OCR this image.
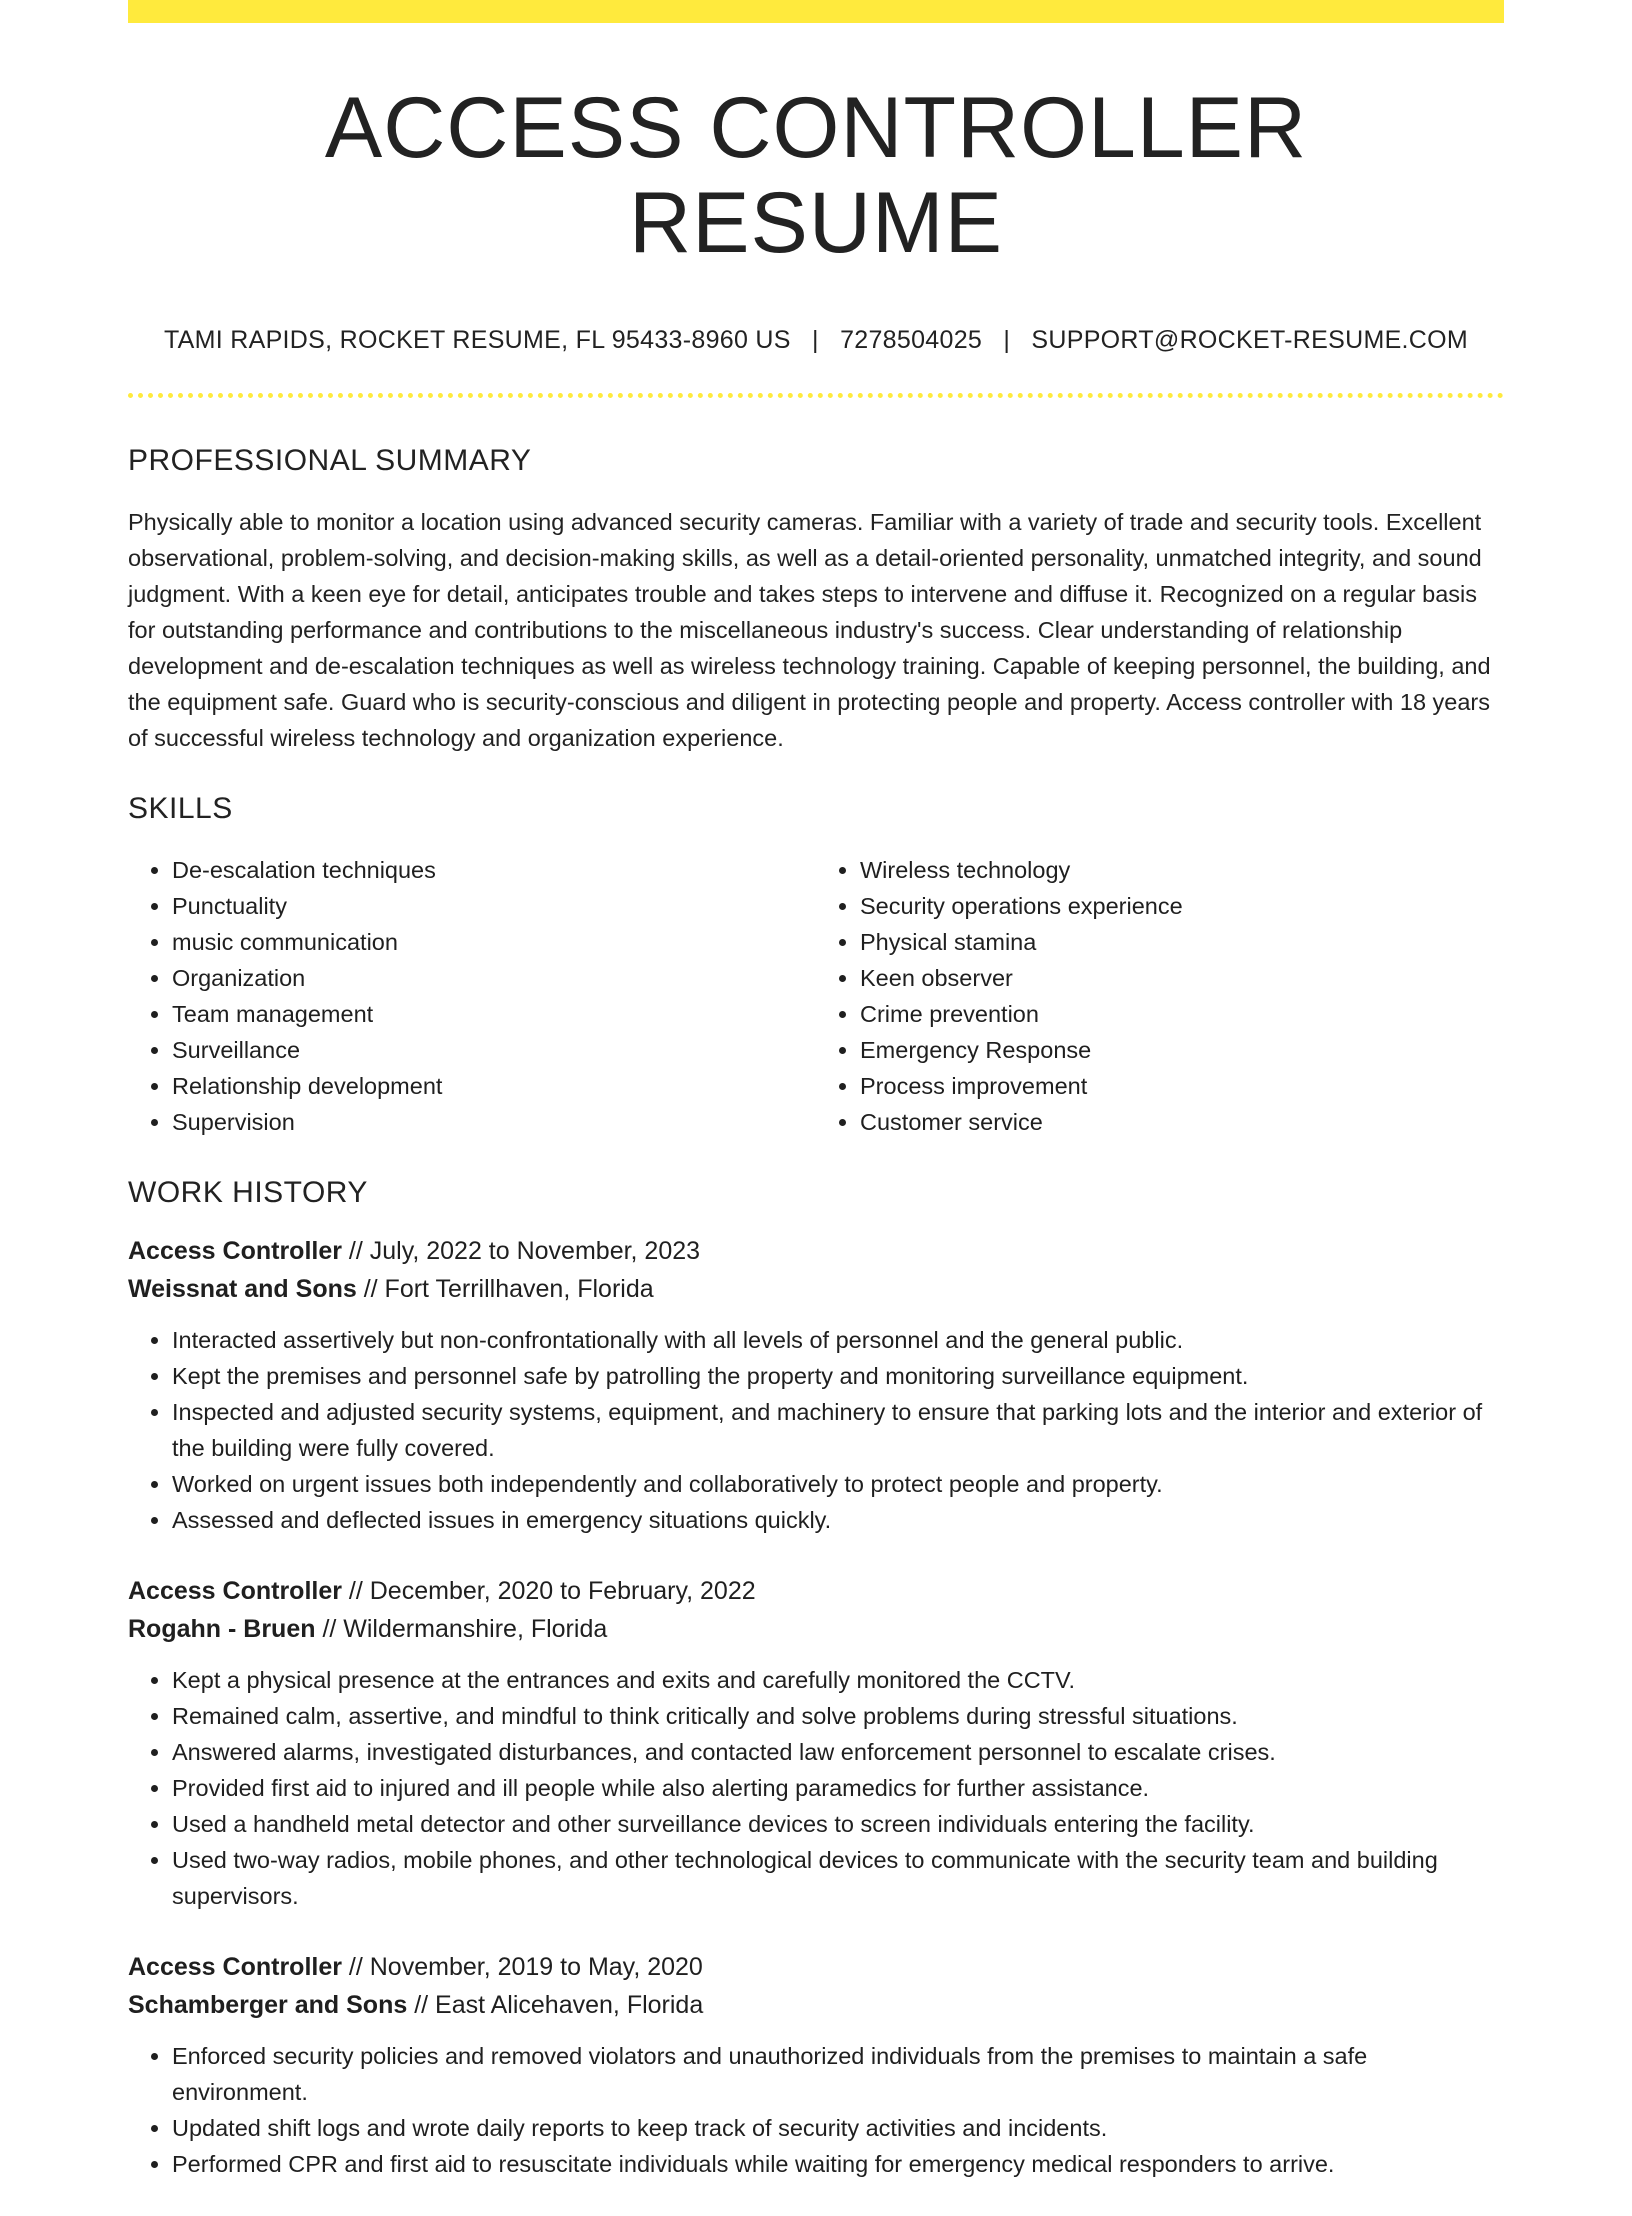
ACCESS CONTROLLER RESUME
TAMI RAPIDS, ROCKET RESUME, FL 95433-8960 US | 7278504025 | SUPPORT@ROCKET-RESUME.COM
PROFESSIONAL SUMMARY

Physically able to monitor a location using advanced security cameras. Familiar with a variety of trade and security tools. Excellent observational, problem-solving, and decision-making skills, as well as a detail-oriented personality, unmatched integrity, and sound judgment. With a keen eye for detail, anticipates trouble and takes steps to intervene and diffuse it. Recognized on a regular basis for outstanding performance and contributions to the miscellaneous industry's success. Clear understanding of relationship development and de-escalation techniques as well as wireless technology training. Capable of keeping personnel, the building, and the equipment safe. Guard who is security-conscious and diligent in protecting people and property. Access controller with 18 years of successful wireless technology and organization experience.

SKILLS
• De-escalation techniques
• Punctuality
• music communication
• Organization
• Team management
• Surveillance
• Relationship development
• Supervision
• Wireless technology
• Security operations experience
• Physical stamina
• Keen observer
• Crime prevention
• Emergency Response
• Process improvement
• Customer service
WORK HISTORY
Access Controller // July, 2022 to November, 2023
Weissnat and Sons // Fort Terrillhaven, Florida
• Interacted assertively but non-confrontationally with all levels of personnel and the general public.
• Kept the premises and personnel safe by patrolling the property and monitoring surveillance equipment.
• Inspected and adjusted security systems, equipment, and machinery to ensure that parking lots and the interior and exterior of the building were fully covered.
• Worked on urgent issues both independently and collaboratively to protect people and property.
• Assessed and deflected issues in emergency situations quickly.
Access Controller // December, 2020 to February, 2022
Rogahn - Bruen // Wildermanshire, Florida
• Kept a physical presence at the entrances and exits and carefully monitored the CCTV.
• Remained calm, assertive, and mindful to think critically and solve problems during stressful situations.
• Answered alarms, investigated disturbances, and contacted law enforcement personnel to escalate crises.
• Provided first aid to injured and ill people while also alerting paramedics for further assistance.
• Used a handheld metal detector and other surveillance devices to screen individuals entering the facility.
• Used two-way radios, mobile phones, and other technological devices to communicate with the security team and building supervisors.
Access Controller // November, 2019 to May, 2020
Schamberger and Sons // East Alicehaven, Florida
• Enforced security policies and removed violators and unauthorized individuals from the premises to maintain a safe environment.
• Updated shift logs and wrote daily reports to keep track of security activities and incidents.
• Performed CPR and first aid to resuscitate individuals while waiting for emergency medical responders to arrive.
